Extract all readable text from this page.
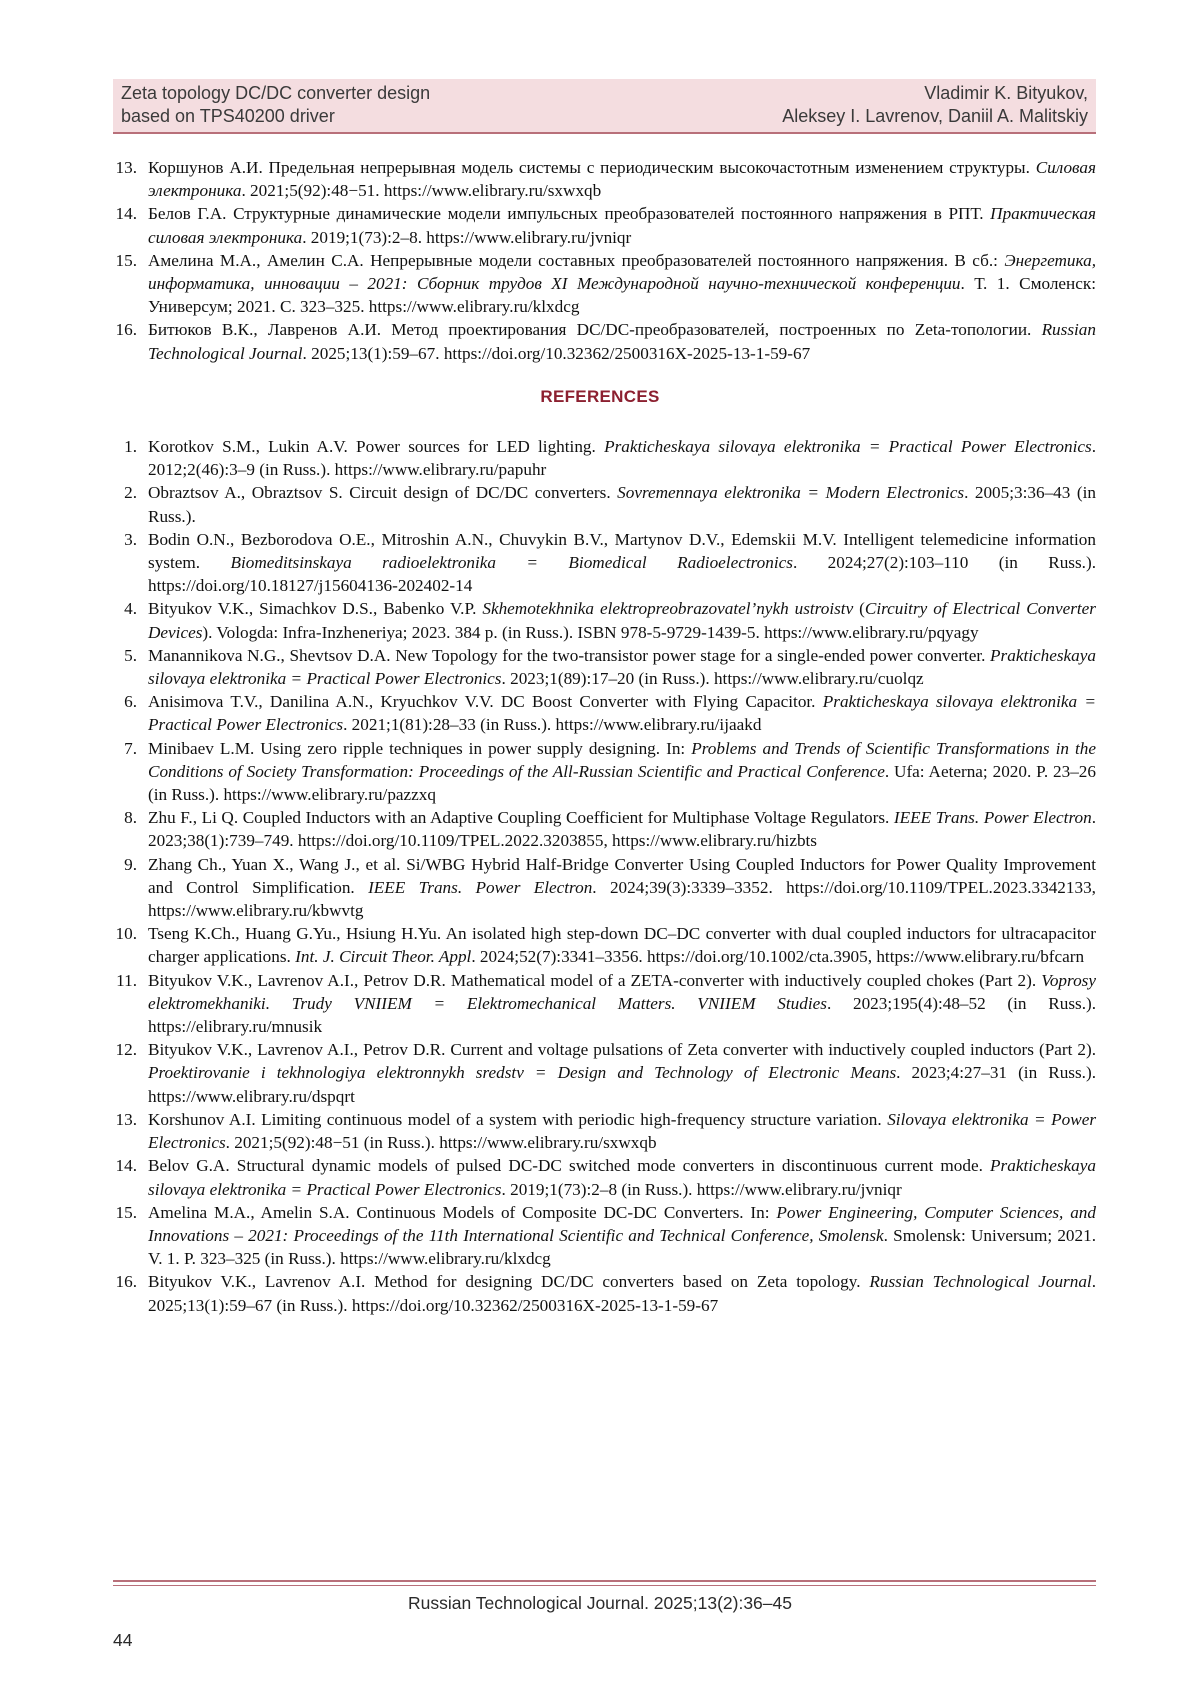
Zeta topology DC/DC converter design
based on TPS40200 driver
Vladimir K. Bityukov,
Aleksey I. Lavrenov, Daniil A. Malitskiy
13. Коршунов А.И. Предельная непрерывная модель системы с периодическим высокочастотным изменением структуры. Силовая электроника. 2021;5(92):48−51. https://www.elibrary.ru/sxwxqb
14. Белов Г.А. Структурные динамические модели импульсных преобразователей постоянного напряжения в РПТ. Практическая силовая электроника. 2019;1(73):2–8. https://www.elibrary.ru/jvniqr
15. Амелина М.А., Амелин С.А. Непрерывные модели составных преобразователей постоянного напряжения. В сб.: Энергетика, информатика, инновации – 2021: Сборник трудов XI Международной научно-технической конференции. Т. 1. Смоленск: Универсум; 2021. С. 323–325. https://www.elibrary.ru/klxdcg
16. Битюков В.К., Лавренов А.И. Метод проектирования DC/DC-преобразователей, построенных по Zeta-топологии. Russian Technological Journal. 2025;13(1):59–67. https://doi.org/10.32362/2500316X-2025-13-1-59-67
REFERENCES
1. Korotkov S.M., Lukin A.V. Power sources for LED lighting. Prakticheskaya silovaya elektronika = Practical Power Electronics. 2012;2(46):3–9 (in Russ.). https://www.elibrary.ru/papuhr
2. Obraztsov A., Obraztsov S. Circuit design of DC/DC converters. Sovremennaya elektronika = Modern Electronics. 2005;3:36–43 (in Russ.).
3. Bodin O.N., Bezborodova O.E., Mitroshin A.N., Chuvykin B.V., Martynov D.V., Edemskii M.V. Intelligent telemedicine information system. Biomeditsinskaya radioelektronika = Biomedical Radioelectronics. 2024;27(2):103–110 (in Russ.). https://doi.org/10.18127/j15604136-202402-14
4. Bityukov V.K., Simachkov D.S., Babenko V.P. Skhemotekhnika elektropreobrazovatel’nykh ustroistv (Circuitry of Electrical Converter Devices). Vologda: Infra-Inzheneriya; 2023. 384 p. (in Russ.). ISBN 978-5-9729-1439-5. https://www.elibrary.ru/pqyagy
5. Manannikova N.G., Shevtsov D.A. New Topology for the two-transistor power stage for a single-ended power converter. Prakticheskaya silovaya elektronika = Practical Power Electronics. 2023;1(89):17–20 (in Russ.). https://www.elibrary.ru/cuolqz
6. Anisimova T.V., Danilina A.N., Kryuchkov V.V. DC Boost Converter with Flying Capacitor. Prakticheskaya silovaya elektronika = Practical Power Electronics. 2021;1(81):28–33 (in Russ.). https://www.elibrary.ru/ijaakd
7. Minibaev L.M. Using zero ripple techniques in power supply designing. In: Problems and Trends of Scientific Transformations in the Conditions of Society Transformation: Proceedings of the All-Russian Scientific and Practical Conference. Ufa: Aeterna; 2020. P. 23–26 (in Russ.). https://www.elibrary.ru/pazzxq
8. Zhu F., Li Q. Coupled Inductors with an Adaptive Coupling Coefficient for Multiphase Voltage Regulators. IEEE Trans. Power Electron. 2023;38(1):739–749. https://doi.org/10.1109/TPEL.2022.3203855, https://www.elibrary.ru/hizbts
9. Zhang Ch., Yuan X., Wang J., et al. Si/WBG Hybrid Half-Bridge Converter Using Coupled Inductors for Power Quality Improvement and Control Simplification. IEEE Trans. Power Electron. 2024;39(3):3339–3352. https://doi.org/10.1109/TPEL.2023.3342133, https://www.elibrary.ru/kbwvtg
10. Tseng K.Ch., Huang G.Yu., Hsiung H.Yu. An isolated high step-down DC–DC converter with dual coupled inductors for ultracapacitor charger applications. Int. J. Circuit Theor. Appl. 2024;52(7):3341–3356. https://doi.org/10.1002/cta.3905, https://www.elibrary.ru/bfcarn
11. Bityukov V.K., Lavrenov A.I., Petrov D.R. Mathematical model of a ZETA-converter with inductively coupled chokes (Part 2). Voprosy elektromekhaniki. Trudy VNIIEM = Elektromechanical Matters. VNIIEM Studies. 2023;195(4):48–52 (in Russ.). https://elibrary.ru/mnusik
12. Bityukov V.K., Lavrenov A.I., Petrov D.R. Current and voltage pulsations of Zeta converter with inductively coupled inductors (Part 2). Proektirovanie i tekhnologiya elektronnykh sredstv = Design and Technology of Electronic Means. 2023;4:27–31 (in Russ.). https://www.elibrary.ru/dspqrt
13. Korshunov A.I. Limiting continuous model of a system with periodic high-frequency structure variation. Silovaya elektronika = Power Electronics. 2021;5(92):48−51 (in Russ.). https://www.elibrary.ru/sxwxqb
14. Belov G.A. Structural dynamic models of pulsed DC-DC switched mode converters in discontinuous current mode. Prakticheskaya silovaya elektronika = Practical Power Electronics. 2019;1(73):2–8 (in Russ.). https://www.elibrary.ru/jvniqr
15. Amelina M.A., Amelin S.A. Continuous Models of Composite DC-DC Converters. In: Power Engineering, Computer Sciences, and Innovations – 2021: Proceedings of the 11th International Scientific and Technical Conference, Smolensk. Smolensk: Universum; 2021. V. 1. P. 323–325 (in Russ.). https://www.elibrary.ru/klxdcg
16. Bityukov V.K., Lavrenov A.I. Method for designing DC/DC converters based on Zeta topology. Russian Technological Journal. 2025;13(1):59–67 (in Russ.). https://doi.org/10.32362/2500316X-2025-13-1-59-67
Russian Technological Journal. 2025;13(2):36–45
44
